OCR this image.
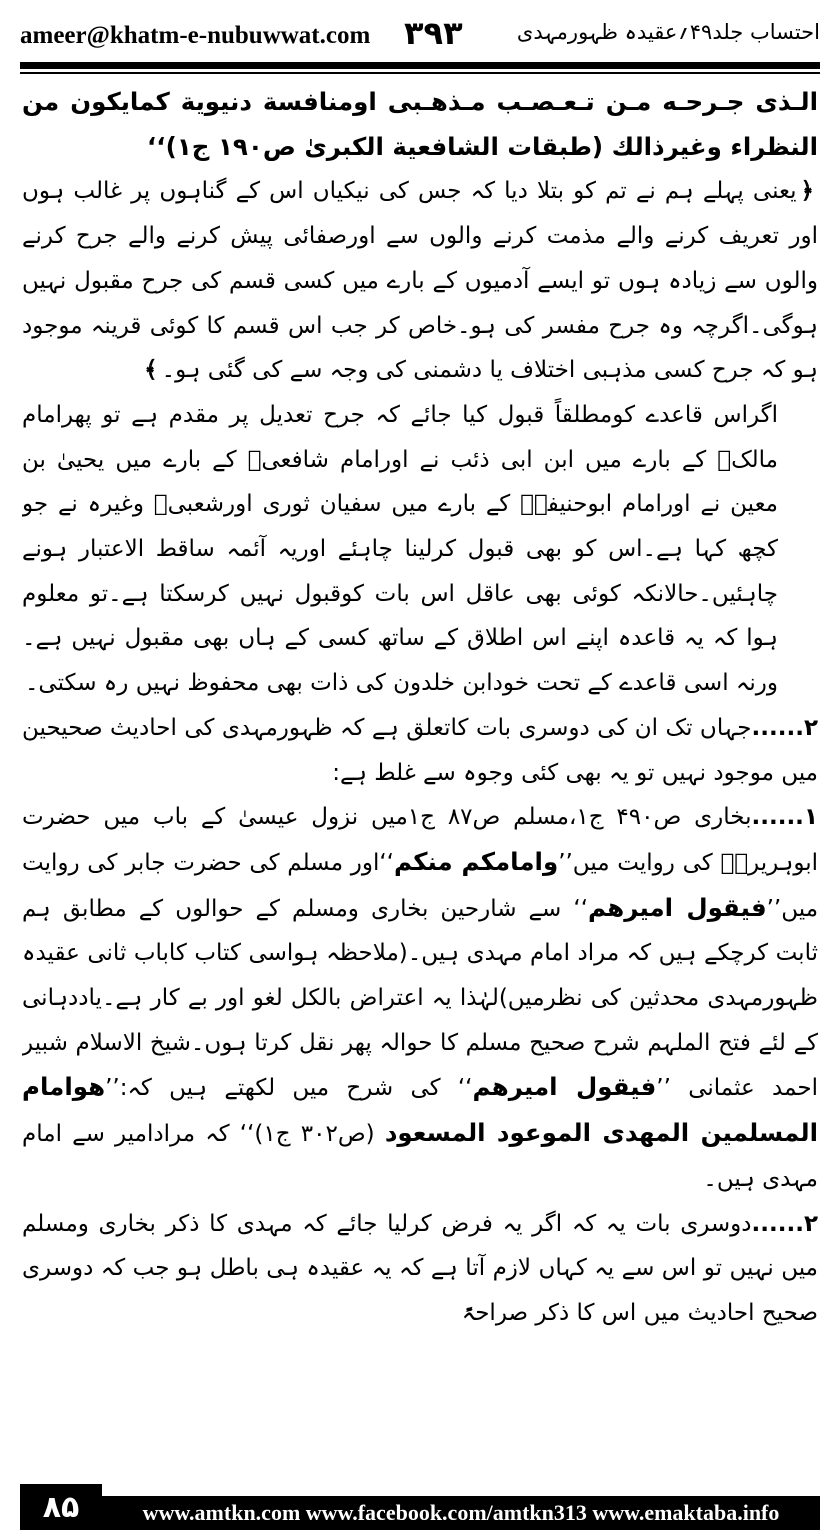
ameer@khatm-e-nubuwwat.com ۳۹۳	احتساب جلد۴۹؍عقیدہ ظہورمہدی

الـذی جـرحـه مـن تـعـصـب مـذهـبی اومنافسة دنیویة کمایکون من النظراء وغیرذالك (طبقات الشافعیة الکبریٰ ص۱۹۰ ج۱)‘‘

﴿یعنی پہلے ہم نے تم کو بتلا دیا کہ جس کی نیکیاں اس کے گناہوں پر غالب ہوں اور تعریف کرنے والے مذمت کرنے والوں سے اورصفائی پیش کرنے والے جرح کرنے والوں سے زیادہ ہوں تو ایسے آدمیوں کے بارے میں کسی قسم کی جرح مقبول نہیں ہوگی۔اگرچہ وہ جرح مفسر کی ہو۔خاص کر جب اس قسم کا کوئی قرینہ موجود ہو کہ جرح کسی مذہبی اختلاف یا دشمنی کی وجہ سے کی گئی ہو۔﴾

اگراس قاعدے کومطلقاً قبول کیا جائے کہ جرح تعدیل پر مقدم ہے تو پھرامام مالکؒ کے بارے میں ابن ابی ذئب نے اورامام شافعیؒ کے بارے میں یحییٰ بن معین نے اورامام ابوحنیفہؒ کے بارے میں سفیان ثوری اورشعبیؒ وغیرہ نے جو کچھ کہا ہے۔اس کو بھی قبول کرلینا چاہئے اوریہ آئمہ ساقط الاعتبار ہونے چاہئیں۔حالانکہ کوئی بھی عاقل اس بات کوقبول نہیں کرسکتا ہے۔تو معلوم ہوا کہ یہ قاعدہ اپنے اس اطلاق کے ساتھ کسی کے ہاں بھی مقبول نہیں ہے۔ورنہ اسی قاعدے کے تحت خودابن خلدون کی ذات بھی محفوظ نہیں رہ سکتی۔

۲......جہاں تک ان کی دوسری بات کاتعلق ہے کہ ظہورمہدی کی احادیث صحیحین میں موجود نہیں تو یہ بھی کئی وجوہ سے غلط ہے:

۱......بخاری ص۴۹۰ ج۱،مسلم ص۸۷ ج۱میں نزول عیسیٰ کے باب میں حضرت ابوہریرہؓ کی روایت میں’’وامامکم منکم‘‘اور مسلم کی حضرت جابر کی روایت میں’’فیقول امیرهم‘‘ سے شارحین بخاری ومسلم کے حوالوں کے مطابق ہم ثابت کرچکے ہیں کہ مراد امام مہدی ہیں۔(ملاحظہ ہواسی کتاب کاباب ثانی عقیدہ ظہورمہدی محدثین کی نظرمیں)لہٰذا یہ اعتراض بالکل لغو اور بے کار ہے۔یاددہانی کے لئے فتح الملہم شرح صحیح مسلم کا حوالہ پھر نقل کرتا ہوں۔شیخ الاسلام شبیر احمد عثمانی ’’فیقول امیرهم‘‘ کی شرح میں لکھتے ہیں کہ:’’هوامام المسلمین المهدی الموعود المسعود (ص۳۰۲ ج۱)‘‘ کہ مرادامیر سے امام مہدی ہیں۔

۲......دوسری بات یہ کہ اگر یہ فرض کرلیا جائے کہ مہدی کا ذکر بخاری ومسلم میں نہیں تو اس سے یہ کہاں لازم آتا ہے کہ یہ عقیدہ ہی باطل ہو جب کہ دوسری صحیح احادیث میں اس کا ذکر صراحۃً

۸۵	www.amtkn.com www.facebook.com/amtkn313 www.emaktaba.info
